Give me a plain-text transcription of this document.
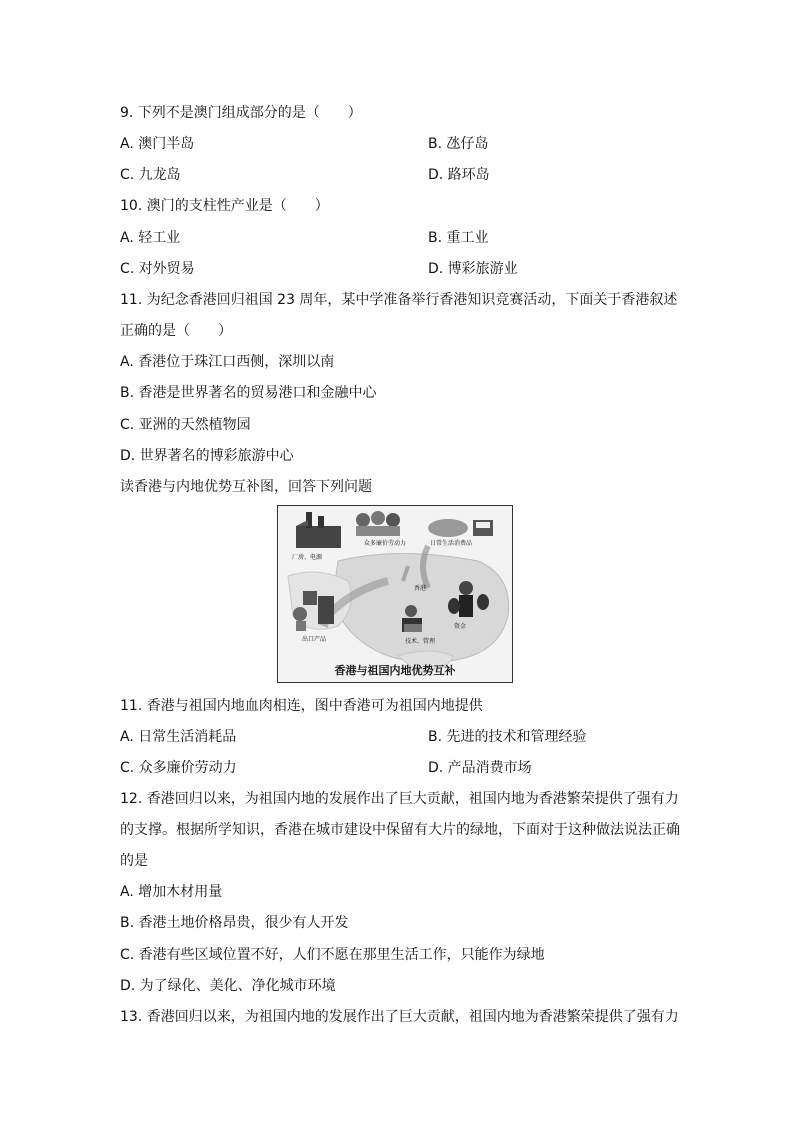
9. 下列不是澳门组成部分的是（　　）
A. 澳门半岛	B. 氹仔岛
C. 九龙岛	D. 路环岛
10. 澳门的支柱性产业是（　　）
A. 轻工业	B. 重工业
C. 对外贸易	D. 博彩旅游业
11. 为纪念香港回归祖国 23 周年，某中学准备举行香港知识竞赛活动，下面关于香港叙述
正确的是（　　）
A. 香港位于珠江口西侧，深圳以南
B. 香港是世界著名的贸易港口和金融中心
C. 亚洲的天然植物园
D. 世界著名的博彩旅游中心
读香港与内地优势互补图，回答下列问题
厂房、电源
众多廉价劳动力	日常生活消费品
香港
资金
技术、管理
出口产品
香港与祖国内地优势互补
11. 香港与祖国内地血肉相连，图中香港可为祖国内地提供
A. 日常生活消耗品	B. 先进的技术和管理经验
C. 众多廉价劳动力	D. 产品消费市场
12. 香港回归以来，为祖国内地的发展作出了巨大贡献，祖国内地为香港繁荣提供了强有力
的支撑。根据所学知识，香港在城市建设中保留有大片的绿地，下面对于这种做法说法正确
的是
A. 增加木材用量
B. 香港土地价格昂贵，很少有人开发
C. 香港有些区域位置不好，人们不愿在那里生活工作，只能作为绿地
D. 为了绿化、美化、净化城市环境
13. 香港回归以来，为祖国内地的发展作出了巨大贡献，祖国内地为香港繁荣提供了强有力
